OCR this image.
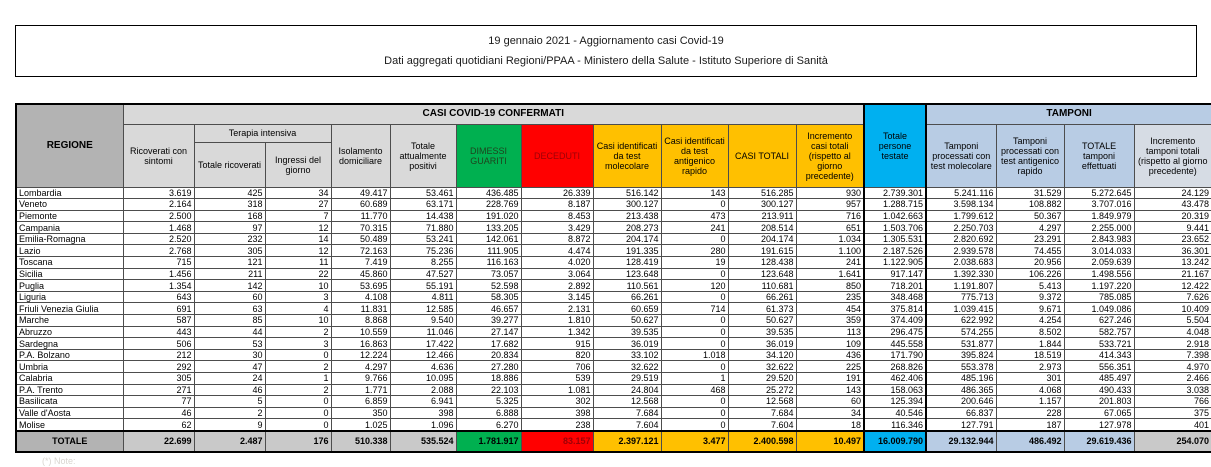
19 gennaio 2021 - Aggiornamento casi Covid-19
Dati aggregati quotidiani Regioni/PPAA - Ministero della Salute - Istituto Superiore di Sanità
REGIONE	CASI COVID-19 CONFERMATI											Totale persone testate	TAMPONI			
	Ricoverati con sintomi	Terapia intensiva		Isolamento domiciliare	Totale attualmente positivi	DIMESSI GUARITI	DECEDUTI	Casi identificati da test molecolare	Casi identificati da test antigenico rapido	CASI TOTALI	Incremento casi totali (rispetto al giorno precedente)		Tamponi processati con test molecolare	Tamponi processati con test antigenico rapido	TOTALE tamponi effettuati	Incremento tamponi totali (rispetto al giorno precedente)
		Totale ricoverati	Ingressi del giorno													
Lombardia	3.619	425	34	49.417	53.461	436.485	26.339	516.142	143	516.285	930	2.739.301	5.241.116	31.529	5.272.645	24.129
Veneto	2.164	318	27	60.689	63.171	228.769	8.187	300.127	0	300.127	957	1.288.715	3.598.134	108.882	3.707.016	43.478
Piemonte	2.500	168	7	11.770	14.438	191.020	8.453	213.438	473	213.911	716	1.042.663	1.799.612	50.367	1.849.979	20.319
Campania	1.468	97	12	70.315	71.880	133.205	3.429	208.273	241	208.514	651	1.503.706	2.250.703	4.297	2.255.000	9.441
Emilia-Romagna	2.520	232	14	50.489	53.241	142.061	8.872	204.174	0	204.174	1.034	1.305.531	2.820.692	23.291	2.843.983	23.652
Lazio	2.768	305	12	72.163	75.236	111.905	4.474	191.335	280	191.615	1.100	2.187.526	2.939.578	74.455	3.014.033	36.301
Toscana	715	121	11	7.419	8.255	116.163	4.020	128.419	19	128.438	241	1.122.905	2.038.683	20.956	2.059.639	13.242
Sicilia	1.456	211	22	45.860	47.527	73.057	3.064	123.648	0	123.648	1.641	917.147	1.392.330	106.226	1.498.556	21.167
Puglia	1.354	142	10	53.695	55.191	52.598	2.892	110.561	120	110.681	850	718.201	1.191.807	5.413	1.197.220	12.422
Liguria	643	60	3	4.108	4.811	58.305	3.145	66.261	0	66.261	235	348.468	775.713	9.372	785.085	7.626
Friuli Venezia Giulia	691	63	4	11.831	12.585	46.657	2.131	60.659	714	61.373	454	375.814	1.039.415	9.671	1.049.086	10.409
Marche	587	85	10	8.868	9.540	39.277	1.810	50.627	0	50.627	359	374.409	622.992	4.254	627.246	5.504
Abruzzo	443	44	2	10.559	11.046	27.147	1.342	39.535	0	39.535	113	296.475	574.255	8.502	582.757	4.048
Sardegna	506	53	3	16.863	17.422	17.682	915	36.019	0	36.019	109	445.558	531.877	1.844	533.721	2.918
P.A. Bolzano	212	30	0	12.224	12.466	20.834	820	33.102	1.018	34.120	436	171.790	395.824	18.519	414.343	7.398
Umbria	292	47	2	4.297	4.636	27.280	706	32.622	0	32.622	225	268.826	553.378	2.973	556.351	4.970
Calabria	305	24	1	9.766	10.095	18.886	539	29.519	1	29.520	191	462.406	485.196	301	485.497	2.466
P.A. Trento	271	46	2	1.771	2.088	22.103	1.081	24.804	468	25.272	143	158.063	486.365	4.068	490.433	3.038
Basilicata	77	5	0	6.859	6.941	5.325	302	12.568	0	12.568	60	125.394	200.646	1.157	201.803	766
Valle d'Aosta	46	2	0	350	398	6.888	398	7.684	0	7.684	34	40.546	66.837	228	67.065	375
Molise	62	9	0	1.025	1.096	6.270	238	7.604	0	7.604	18	116.346	127.791	187	127.978	401
TOTALE	22.699	2.487	176	510.338	535.524	1.781.917	83.157	2.397.121	3.477	2.400.598	10.497	16.009.790	29.132.944	486.492	29.619.436	254.070
(*) Note:
